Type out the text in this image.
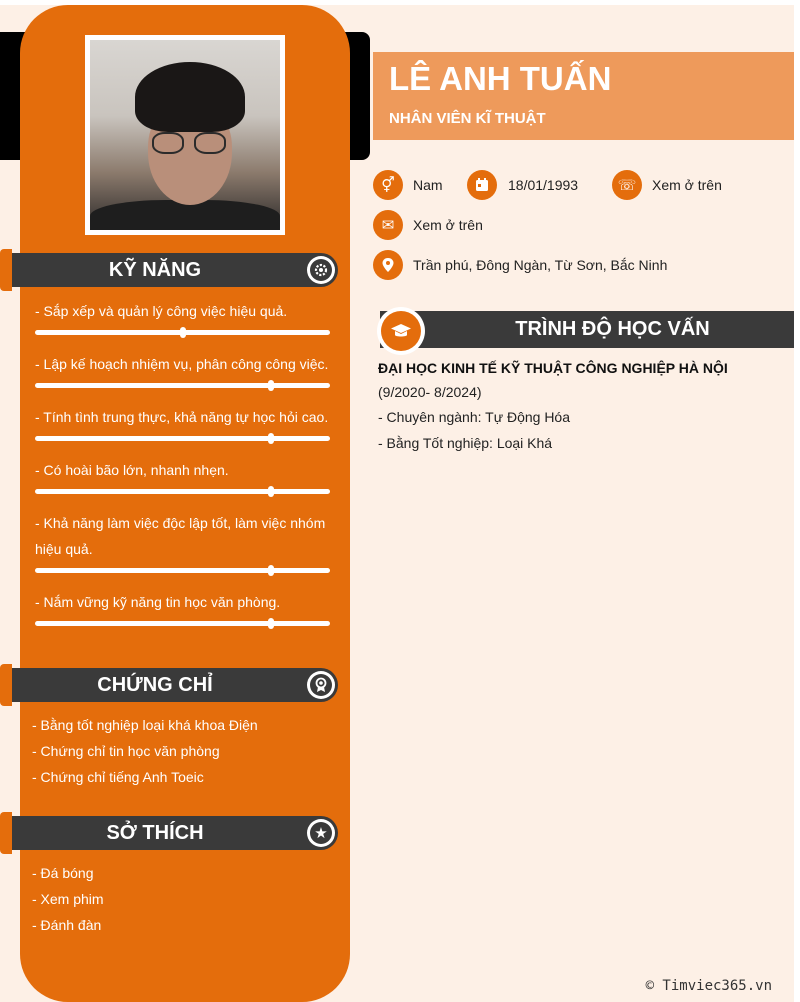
KỸ NĂNG
- Sắp xếp và quản lý công việc hiệu quả.
- Lập kế hoạch nhiệm vụ, phân công công việc.
- Tính tình trung thực, khả năng tự học hỏi cao.
- Có hoài bão lớn, nhanh nhẹn.
- Khả năng làm việc độc lập tốt, làm việc nhóm hiệu quả.
- Nắm vững kỹ năng tin học văn phòng.
CHỨNG CHỈ
- Bằng tốt nghiệp loại khá khoa Điện
- Chứng chỉ tin học văn phòng
- Chứng chỉ tiếng Anh Toeic
SỞ THÍCH	★
- Đá bóng
- Xem phim
- Đánh đàn
LÊ ANH TUẤN
NHÂN VIÊN KĨ THUẬT
⚥	Nam	18/01/1993	☏	Xem ở trên
✉	Xem ở trên
Trần phú, Đông Ngàn, Từ Sơn, Bắc Ninh
TRÌNH ĐỘ HỌC VẤN
ĐẠI HỌC KINH TẾ KỸ THUẬT CÔNG NGHIỆP HÀ NỘI
(9/2020- 8/2024)
- Chuyên ngành: Tự Động Hóa
- Bằng Tốt nghiệp: Loại Khá
© Timviec365.vn
